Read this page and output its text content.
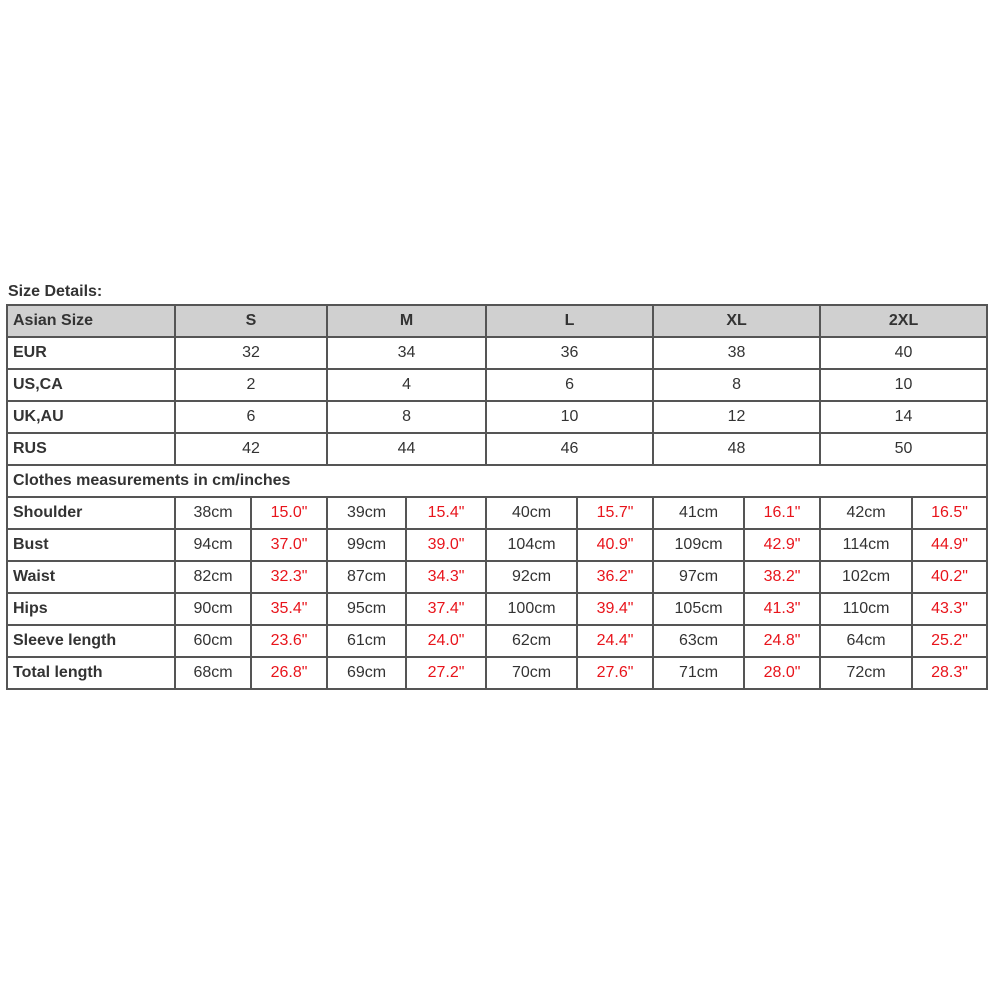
Size Details:
Asian Size	S		M		L		XL		2XL	
EUR	32		34		36		38		40	
US,CA	2		4		6		8		10	
UK,AU	6		8		10		12		14	
RUS	42		44		46		48		50	
Clothes measurements in cm/inches										
Shoulder	38cm	15.0"	39cm	15.4"	40cm	15.7"	41cm	16.1"	42cm	16.5"
Bust	94cm	37.0"	99cm	39.0"	104cm	40.9"	109cm	42.9"	114cm	44.9"
Waist	82cm	32.3"	87cm	34.3"	92cm	36.2"	97cm	38.2"	102cm	40.2"
Hips	90cm	35.4"	95cm	37.4"	100cm	39.4"	105cm	41.3"	110cm	43.3"
Sleeve length	60cm	23.6"	61cm	24.0"	62cm	24.4"	63cm	24.8"	64cm	25.2"
Total length	68cm	26.8"	69cm	27.2"	70cm	27.6"	71cm	28.0"	72cm	28.3"
